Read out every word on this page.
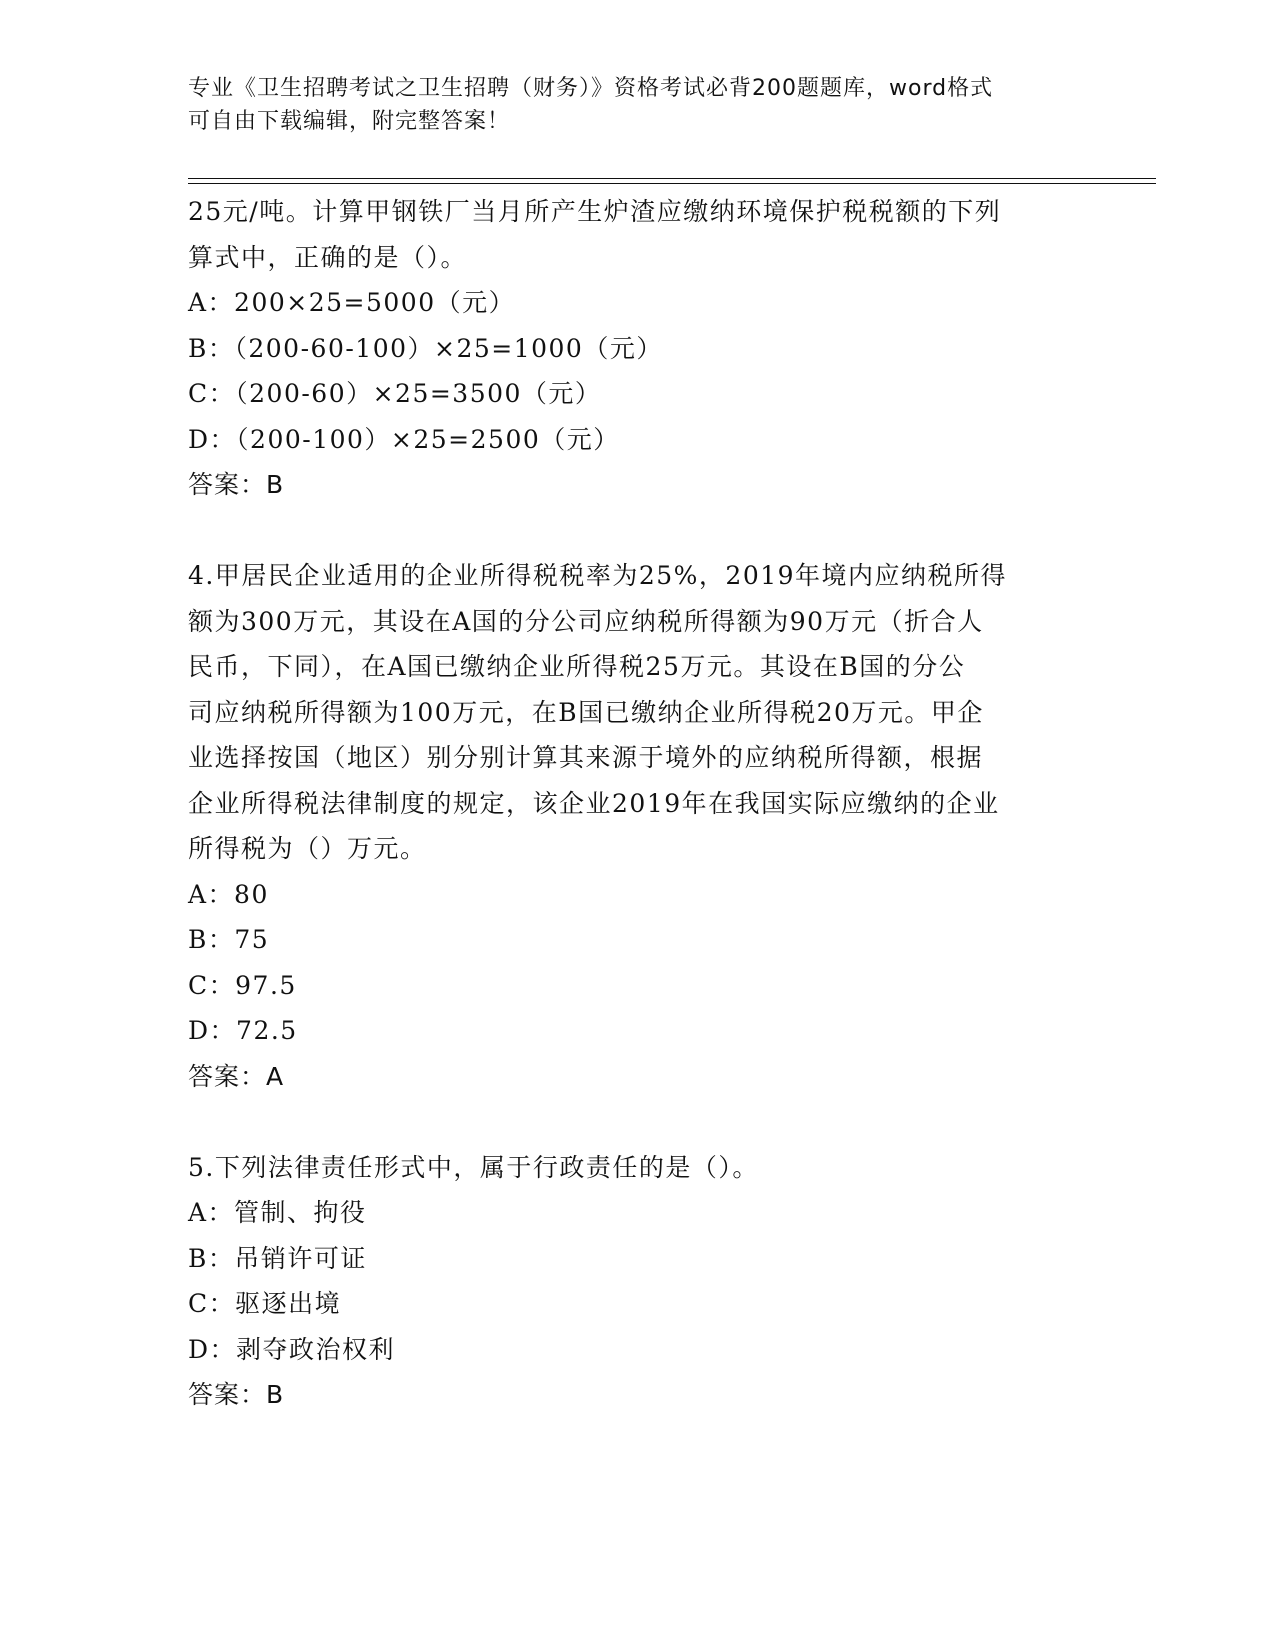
专业《卫生招聘考试之卫生招聘（财务）》资格考试必背200题题库，word格式
可自由下载编辑，附完整答案！
25元/吨。计算甲钢铁厂当月所产生炉渣应缴纳环境保护税税额的下列
算式中，正确的是（）。
A：200×25=5000（元）
B：（200-60-100）×25=1000（元）
C：（200-60）×25=3500（元）
D：（200-100）×25=2500（元）
答案：B
4.甲居民企业适用的企业所得税税率为25%，2019年境内应纳税所得
额为300万元，其设在A国的分公司应纳税所得额为90万元（折合人
民币，下同），在A国已缴纳企业所得税25万元。其设在B国的分公
司应纳税所得额为100万元，在B国已缴纳企业所得税20万元。甲企
业选择按国（地区）别分别计算其来源于境外的应纳税所得额，根据
企业所得税法律制度的规定，该企业2019年在我国实际应缴纳的企业
所得税为（）万元。
A：80
B：75
C：97.5
D：72.5
答案：A
5.下列法律责任形式中，属于行政责任的是（）。
A：管制、拘役
B：吊销许可证
C：驱逐出境
D：剥夺政治权利
答案：B
